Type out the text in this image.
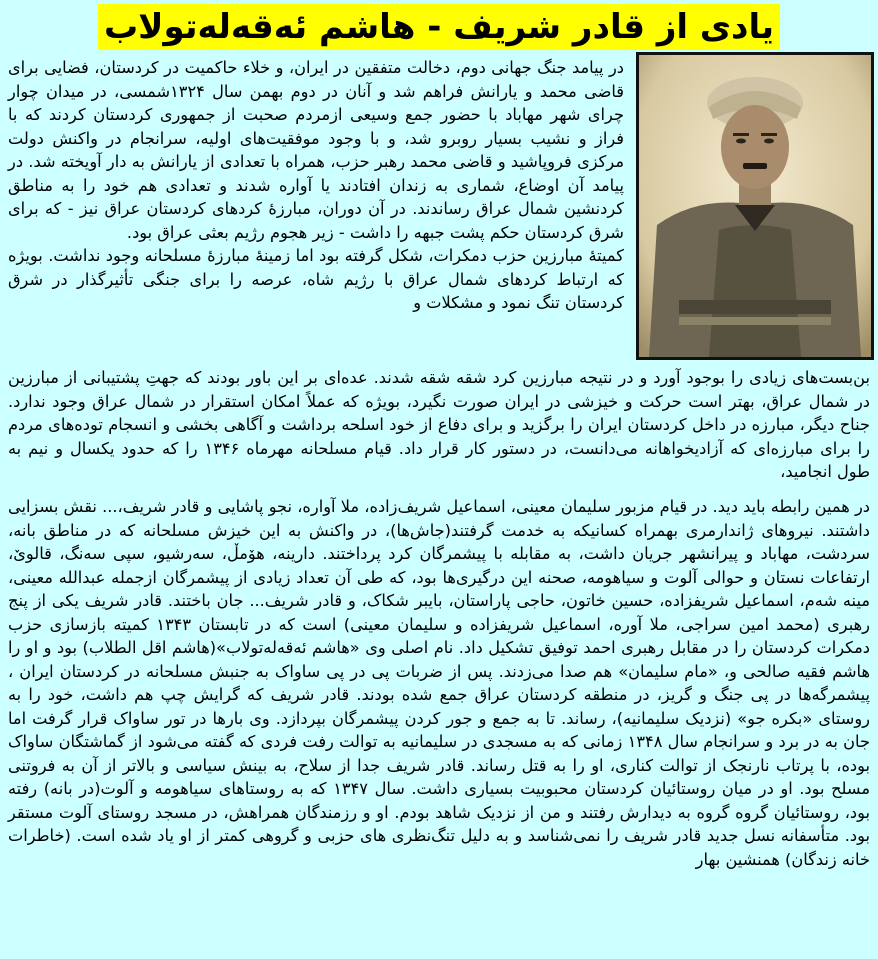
یادی از قادر شریف - هاشم ئەقەلەتولاب

در پیامد جنگ جهانی دوم، دخالت متفقین در ایران، و خلاء حاکمیت در کردستان، فضایی برای قاضی محمد و یارانش فراهم شد و آنان در دوم بهمن سال ۱۳۲۴شمسی، در میدان چوار چرای شهر مهاباد با حضور جمع وسیعی ازمردم صحبت از جمهوری کردستان کردند که با فراز و نشیب بسیار روبرو شد، و با وجود موفقیت‌های اولیه، سرانجام در واکنش دولت مرکزی فروپاشید و قاضی محمد رهبر حزب، همراه با تعدادی از یارانش به دار آویخته شد. در پیامد آن اوضاع، شماری به زندان افتادند یا آواره شدند و تعدادی هم خود را به مناطق کردنشین شمال عراق رساندند. در آن دوران، مبارزۀ کردهای کردستان عراق نیز - که برای شرق کردستان حکم پشت جبهه را داشت - زیر هجوم رژیم بعثی عراق بود.

کمیتۀ مبارزین حزب دمکرات، شکل گرفته بود اما زمینۀ مبارزۀ مسلحانه وجود نداشت. بویژه که ارتباط کردهای شمال عراق با رژیم شاه، عرصه را برای جنگی تأثیرگذار در شرق کردستان تنگ نمود و مشکلات و

بن‌بست‌های زیادی را بوجود آورد و در نتیجه مبارزین کرد شقه شقه شدند. عده‌ای بر این باور بودند که جهتِ پشتیبانی از مبارزین در شمال عراق، بهتر است حرکت و خیزشی در ایران صورت نگیرد، بویژه که عملاً امکان استقرار در شمال عراق وجود ندارد. جناح دیگر، مبارزه در داخل کردستان ایران را برگزید و برای دفاع از خود اسلحه برداشت و آگاهی بخشی و انسجام توده‌های مردم را برای مبارزه‌ای که آزادیخواهانه می‌دانست، در دستور کار قرار داد. قیام مسلحانه مهرماه ۱۳۴۶ را که حدود یکسال و نیم به طول انجامید،

در همین رابطه باید دید. در قیام مزبور سلیمان معینی، اسماعیل شریف‌زاده، ملا آواره، نجو پاشایی و قادر شریف،... نقش بسزایی داشتند. نیروهای ژاندارمری بهمراه کسانیکه به خدمت گرفتند(جاش‌ها)، در واکنش به این خیزش مسلحانه که در مناطق بانه، سردشت، مهاباد و پیرانشهر جریان داشت، به مقابله با پیشمرگان کرد پرداختند. دارینه، هۆمڵ، سەرشیو، سپی سەنگ، قالوێ، ارتفاعات نستان و حوالی آلوت و سیاهومه، صحنه این درگیری‌ها بود، که طی آن تعداد زیادی از پیشمرگان ازجمله عبدالله معینی، مینه شەم، اسماعیل شریفزاده، حسین خاتون، حاجی پاراستان، بایبر شکاک، و قادر شریف... جان باختند. قادر شریف یکی از پنج رهبری (محمد امین سراجی، ملا آوره، اسماعیل شریفزاده و سلیمان معینی) است که در تابستان ۱۳۴۳ کمیته بازسازی حزب دمکرات کردستان را در مقابل رهبری احمد توفیق تشکیل داد. نام اصلی وی «هاشم ئەقەلەتولاب»(هاشم اقل الطلاب) بود و او را هاشم فقیه صالحی و، «مام سلیمان» هم صدا می‌زدند. پس از ضربات پی در پی ساواک به جنبش مسلحانه در کردستان ایران ، پیشمرگه‌ها در پی جنگ و گریز، در منطقه کردستان عراق جمع شده بودند. قادر شریف که گرایش چپ هم داشت، خود را به روستای «بکره جو» (نزدیک سلیمانیه)، رساند. تا به جمع و جور کردن پیشمرگان بپردازد. وی بارها در تور ساواک قرار گرفت اما جان به در برد و سرانجام سال ۱۳۴۸ زمانی که به مسجدی در سلیمانیه به توالت رفت فردی که گفته می‌شود از گماشتگان ساواک بوده، با پرتاب نارنجک از توالت کناری، او را به قتل رساند. قادر شریف جدا از سلاح، به بینش سیاسی و بالاتر از آن به فروتنی مسلح بود. او در میان روستائیان کردستان محبوبیت بسیاری داشت. سال ۱۳۴۷ که به روستاهای سیاهومه و آلوت(در بانه) رفته بود، روستائیان گروه گروه به دیدارش رفتند و من از نزدیک شاهد بودم. او و رزمندگان همراهش، در مسجد روستای آلوت مستقر بود. متأسفانه نسل جدید قادر شریف را نمی‌شناسد و به دلیل تنگ‌نظری های حزبی و گروهی کمتر از او یاد شده است. (خاطرات خانه زندگان) همنشین بهار
